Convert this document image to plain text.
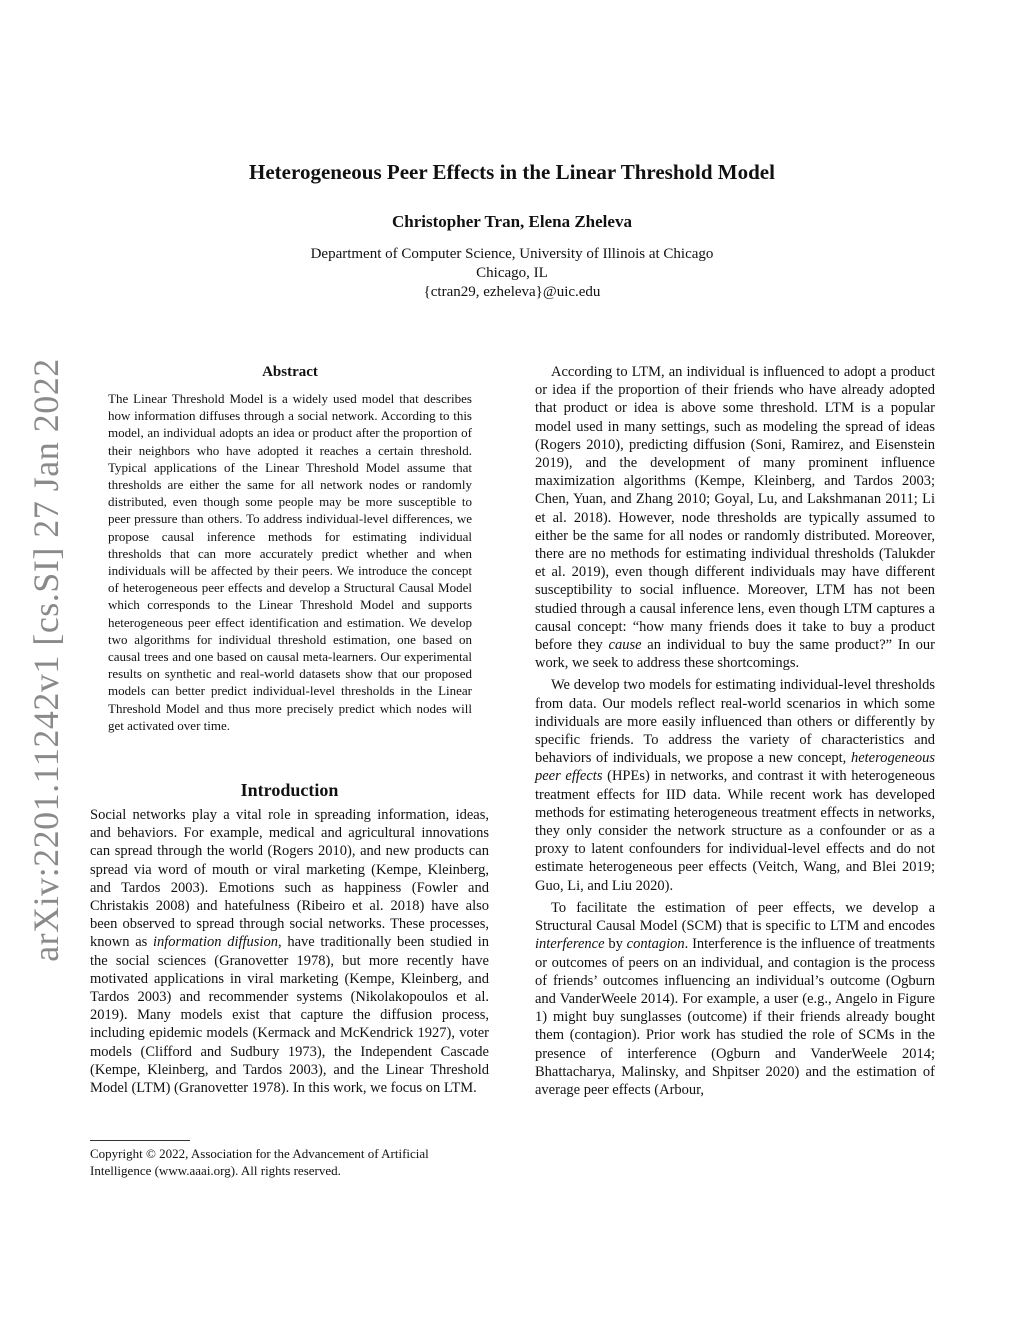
arXiv:2201.11242v1 [cs.SI] 27 Jan 2022
Heterogeneous Peer Effects in the Linear Threshold Model
Christopher Tran, Elena Zheleva
Department of Computer Science, University of Illinois at Chicago
Chicago, IL
{ctran29, ezheleva}@uic.edu
Abstract

The Linear Threshold Model is a widely used model that describes how information diffuses through a social network. According to this model, an individual adopts an idea or product after the proportion of their neighbors who have adopted it reaches a certain threshold. Typical applications of the Linear Threshold Model assume that thresholds are either the same for all network nodes or randomly distributed, even though some people may be more susceptible to peer pressure than others. To address individual-level differences, we propose causal inference methods for estimating individual thresholds that can more accurately predict whether and when individuals will be affected by their peers. We introduce the concept of heterogeneous peer effects and develop a Structural Causal Model which corresponds to the Linear Threshold Model and supports heterogeneous peer effect identification and estimation. We develop two algorithms for individual threshold estimation, one based on causal trees and one based on causal meta-learners. Our experimental results on synthetic and real-world datasets show that our proposed models can better predict individual-level thresholds in the Linear Threshold Model and thus more precisely predict which nodes will get activated over time.

Introduction

Social networks play a vital role in spreading information, ideas, and behaviors. For example, medical and agricultural innovations can spread through the world (Rogers 2010), and new products can spread via word of mouth or viral marketing (Kempe, Kleinberg, and Tardos 2003). Emotions such as happiness (Fowler and Christakis 2008) and hatefulness (Ribeiro et al. 2018) have also been observed to spread through social networks. These processes, known as information diffusion, have traditionally been studied in the social sciences (Granovetter 1978), but more recently have motivated applications in viral marketing (Kempe, Kleinberg, and Tardos 2003) and recommender systems (Nikolakopoulos et al. 2019). Many models exist that capture the diffusion process, including epidemic models (Kermack and McKendrick 1927), voter models (Clifford and Sudbury 1973), the Independent Cascade (Kempe, Kleinberg, and Tardos 2003), and the Linear Threshold Model (LTM) (Granovetter 1978). In this work, we focus on LTM.

Copyright © 2022, Association for the Advancement of Artificial Intelligence (www.aaai.org). All rights reserved.

According to LTM, an individual is influenced to adopt a product or idea if the proportion of their friends who have already adopted that product or idea is above some threshold. LTM is a popular model used in many settings, such as modeling the spread of ideas (Rogers 2010), predicting diffusion (Soni, Ramirez, and Eisenstein 2019), and the development of many prominent influence maximization algorithms (Kempe, Kleinberg, and Tardos 2003; Chen, Yuan, and Zhang 2010; Goyal, Lu, and Lakshmanan 2011; Li et al. 2018). However, node thresholds are typically assumed to either be the same for all nodes or randomly distributed. Moreover, there are no methods for estimating individual thresholds (Talukder et al. 2019), even though different individuals may have different susceptibility to social influence. Moreover, LTM has not been studied through a causal inference lens, even though LTM captures a causal concept: “how many friends does it take to buy a product before they cause an individual to buy the same product?” In our work, we seek to address these shortcomings.

We develop two models for estimating individual-level thresholds from data. Our models reflect real-world scenarios in which some individuals are more easily influenced than others or differently by specific friends. To address the variety of characteristics and behaviors of individuals, we propose a new concept, heterogeneous peer effects (HPEs) in networks, and contrast it with heterogeneous treatment effects for IID data. While recent work has developed methods for estimating heterogeneous treatment effects in networks, they only consider the network structure as a confounder or as a proxy to latent confounders for individual-level effects and do not estimate heterogeneous peer effects (Veitch, Wang, and Blei 2019; Guo, Li, and Liu 2020).

To facilitate the estimation of peer effects, we develop a Structural Causal Model (SCM) that is specific to LTM and encodes interference by contagion. Interference is the influence of treatments or outcomes of peers on an individual, and contagion is the process of friends’ outcomes influencing an individual’s outcome (Ogburn and VanderWeele 2014). For example, a user (e.g., Angelo in Figure 1) might buy sunglasses (outcome) if their friends already bought them (contagion). Prior work has studied the role of SCMs in the presence of interference (Ogburn and VanderWeele 2014; Bhattacharya, Malinsky, and Shpitser 2020) and the estimation of average peer effects (Arbour,
